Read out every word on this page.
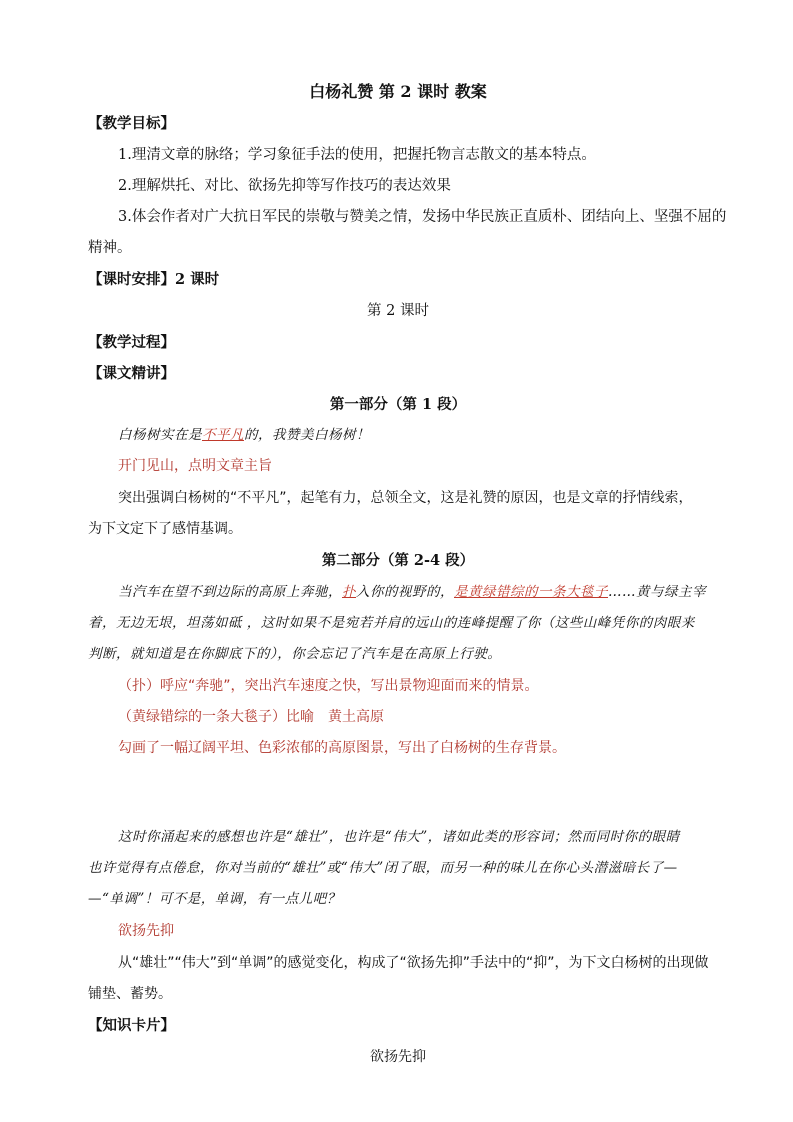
白杨礼赞 第 2 课时 教案
【教学目标】
1.理清文章的脉络；学习象征手法的使用，把握托物言志散文的基本特点。
2.理解烘托、对比、欲扬先抑等写作技巧的表达效果
3.体会作者对广大抗日军民的崇敬与赞美之情，发扬中华民族正直质朴、团结向上、坚强不屈的
精神。
【课时安排】2 课时
第 2 课时
【教学过程】
【课文精讲】
第一部分（第 1 段）
白杨树实在是不平凡的，我赞美白杨树！
开门见山，点明文章主旨
突出强调白杨树的“不平凡”，起笔有力，总领全文，这是礼赞的原因，也是文章的抒情线索，
为下文定下了感情基调。
第二部分（第 2-4 段）
当汽车在望不到边际的高原上奔驰，扑入你的视野的，是黄绿错综的一条大毯子……黄与绿主宰
着，无边无垠，坦荡如砥 ，这时如果不是宛若并肩的远山的连峰提醒了你（这些山峰凭你的肉眼来
判断，就知道是在你脚底下的），你会忘记了汽车是在高原上行驶。
（扑）呼应“奔驰”，突出汽车速度之快，写出景物迎面而来的情景。
（黄绿错综的一条大毯子）比喻　黄土高原
勾画了一幅辽阔平坦、色彩浓郁的高原图景，写出了白杨树的生存背景。
这时你涌起来的感想也许是“雄壮”，也许是“伟大”，诸如此类的形容词；然而同时你的眼睛
也许觉得有点倦怠，你对当前的“雄壮”或“伟大”闭了眼，而另一种的味儿在你心头潜滋暗长了—
—“单调”！可不是，单调，有一点儿吧？
欲扬先抑
从“雄壮”“伟大”到“单调”的感觉变化，构成了“欲扬先抑”手法中的“抑”，为下文白杨树的出现做
铺垫、蓄势。
【知识卡片】
欲扬先抑
